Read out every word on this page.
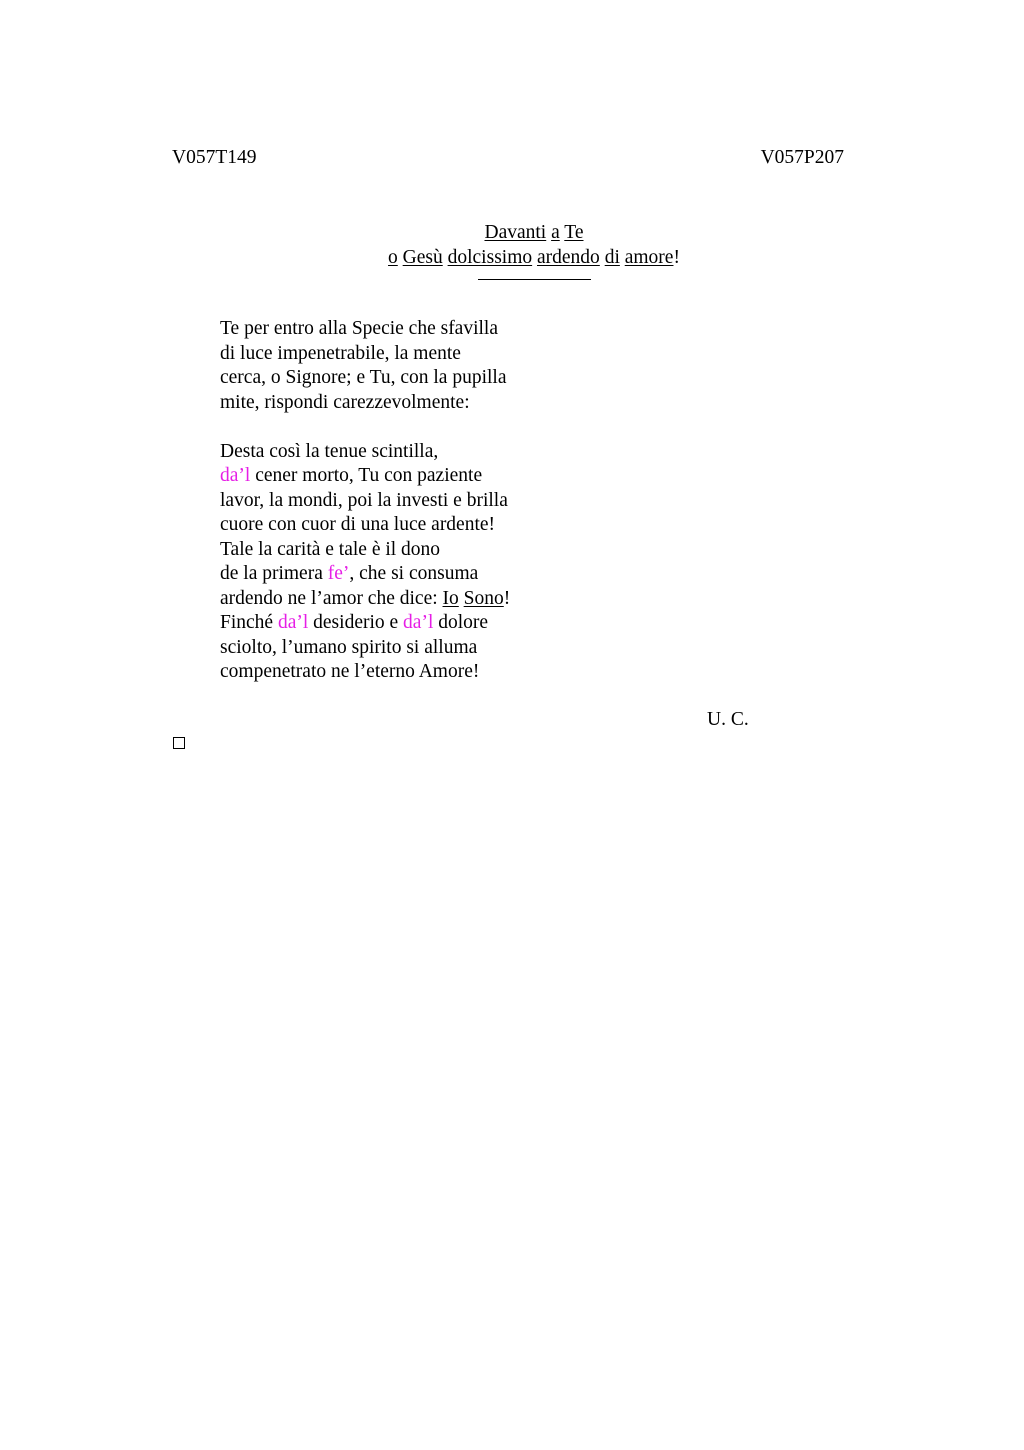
V057T149	V057P207
Davanti a Te
o Gesù dolcissimo ardendo di amore!
Te per entro alla Specie che sfavilla
di luce impenetrabile, la mente
cerca, o Signore; e Tu, con la pupilla
mite, rispondi carezzevolmente:
Desta così la tenue scintilla,
da’l cener morto, Tu con paziente
lavor, la mondi, poi la investi e brilla
cuore con cuor di una luce ardente!
Tale la carità e tale è il dono
de la primera fe’, che si consuma
ardendo ne l’amor che dice: Io Sono!
Finché da’l desiderio e da’l dolore
sciolto, l’umano spirito si alluma
compenetrato ne l’eterno Amore!
U. C.
